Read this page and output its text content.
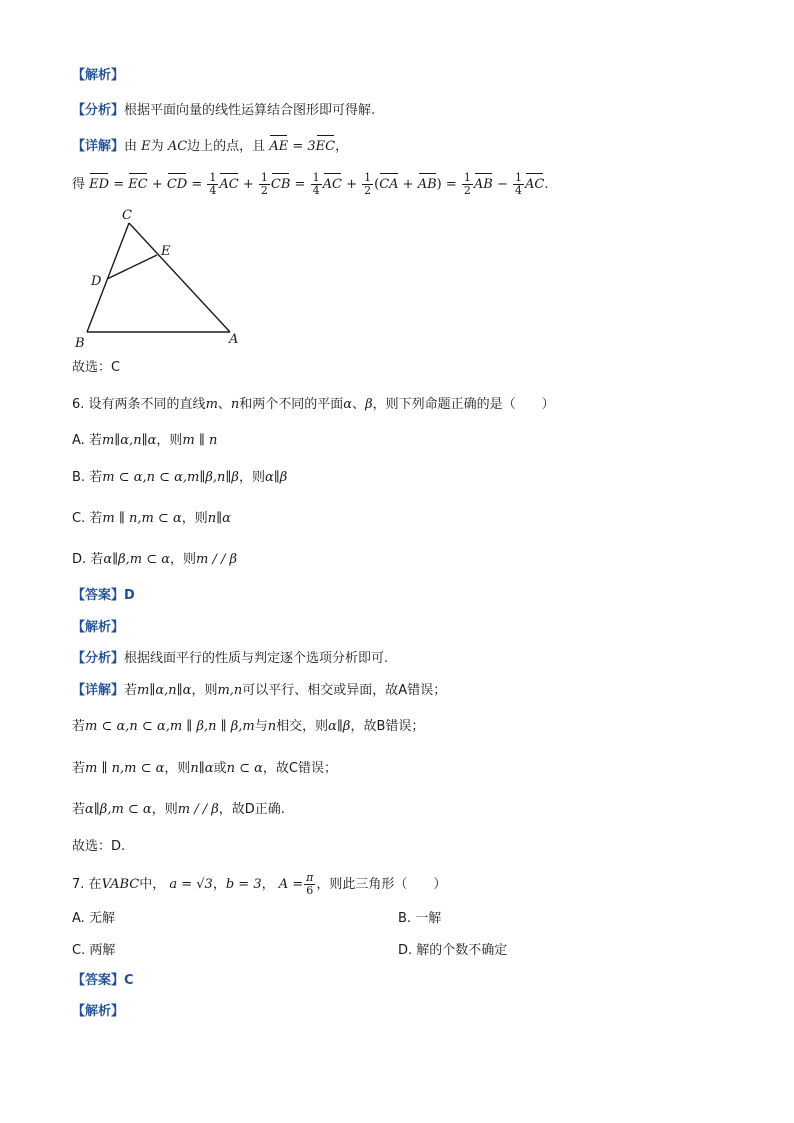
【解析】
【分析】根据平面向量的线性运算结合图形即可得解.
【详解】由 E为 AC边上的点，且 AE = 3EC，
得 ED = EC + CD = $\frac{1}{4}$ AC + $\frac{1}{2}$ CB = $\frac{1}{4}$ AC + $\frac{1}{2} (CA + AB) = \frac{1}{2}$ AB − $\frac{1}{4}$ AC.
C
E
D
B	A
故选：C
6. 设有两条不同的直线m、n和两个不同的平面α、β，则下列命题正确的是（　　）
A. 若m∥α,n∥α，则m ∥ n
B. 若m ⊂ α,n ⊂ α,m∥β,n∥β，则α∥β
C. 若m ∥ n,m ⊂ α，则n∥α
D. 若α∥β,m ⊂ α，则m / / β
【答案】D
【解析】
【分析】根据线面平行的性质与判定逐个选项分析即可.
【详解】若m∥α,n∥α，则m,n可以平行、相交或异面，故A错误；
若m ⊂ α,n ⊂ α,m ∥ β,n ∥ β,m与n相交，则α∥β，故B错误；
若m ∥ n,m ⊂ α，则n∥α或n ⊂ α，故C错误；
若α∥β,m ⊂ α，则m / / β，故D正确.
故选：D.
7. 在VABC中， a = √3，b = 3， $A = \frac{\pi}{6}$ ，则此三角形（　　）
A. 无解	B. 一解
C. 两解	D. 解的个数不确定
【答案】C
【解析】
